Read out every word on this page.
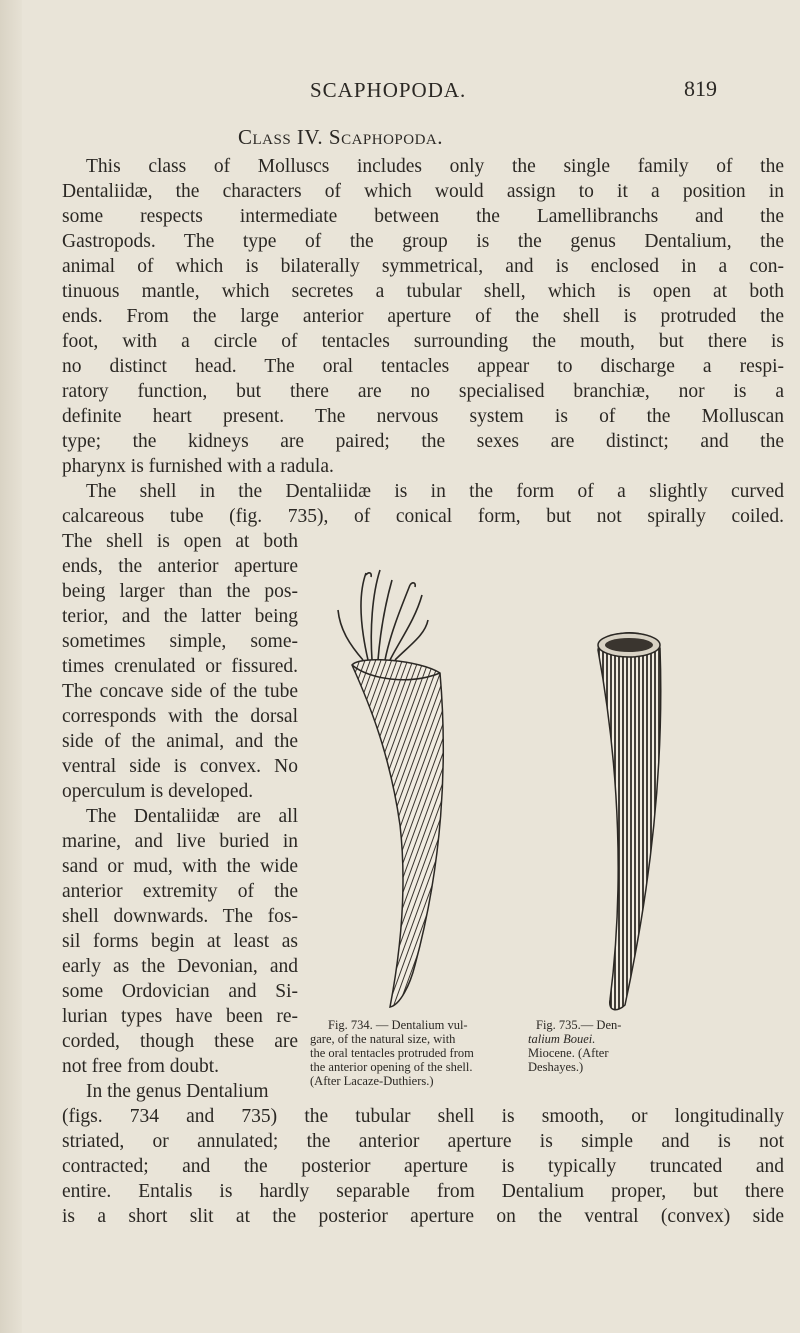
SCAPHOPODA.	819
Class IV. Scaphopoda.
This class of Molluscs includes only the single family of the
Dentaliidæ, the characters of which would assign to it a position in
some respects intermediate between the Lamellibranchs and the
Gastropods. The type of the group is the genus Dentalium, the
animal of which is bilaterally symmetrical, and is enclosed in a con-
tinuous mantle, which secretes a tubular shell, which is open at both
ends. From the large anterior aperture of the shell is protruded the
foot, with a circle of tentacles surrounding the mouth, but there is
no distinct head. The oral tentacles appear to discharge a respi-
ratory function, but there are no specialised branchiæ, nor is a
definite heart present. The nervous system is of the Molluscan
type; the kidneys are paired; the sexes are distinct; and the
pharynx is furnished with a radula.
The shell in the Dentaliidæ is in the form of a slightly curved
calcareous tube (fig. 735), of conical form, but not spirally coiled.
The shell is open at both
ends, the anterior aperture
being larger than the pos-
terior, and the latter being
sometimes simple, some-
times crenulated or fissured.
The concave side of the tube
corresponds with the dorsal
side of the animal, and the
ventral side is convex. No
operculum is developed.
The Dentaliidæ are all
marine, and live buried in
sand or mud, with the wide
anterior extremity of the
shell downwards. The fos-
sil forms begin at least as
early as the Devonian, and
some Ordovician and Si-
lurian types have been re-
corded, though these are
not free from doubt.
In the genus Dentalium
(figs. 734 and 735) the tubular shell is smooth, or longitudinally
striated, or annulated; the anterior aperture is simple and is not
contracted; and the posterior aperture is typically truncated and
entire. Entalis is hardly separable from Dentalium proper, but there
is a short slit at the posterior aperture on the ventral (convex) side
Fig. 734. — Dentalium vul-
gare, of the natural size, with
the oral tentacles protruded from
the anterior opening of the shell.
(After Lacaze-Duthiers.)
Fig. 735.— Den-
talium Bouei.
Miocene. (After
Deshayes.)
